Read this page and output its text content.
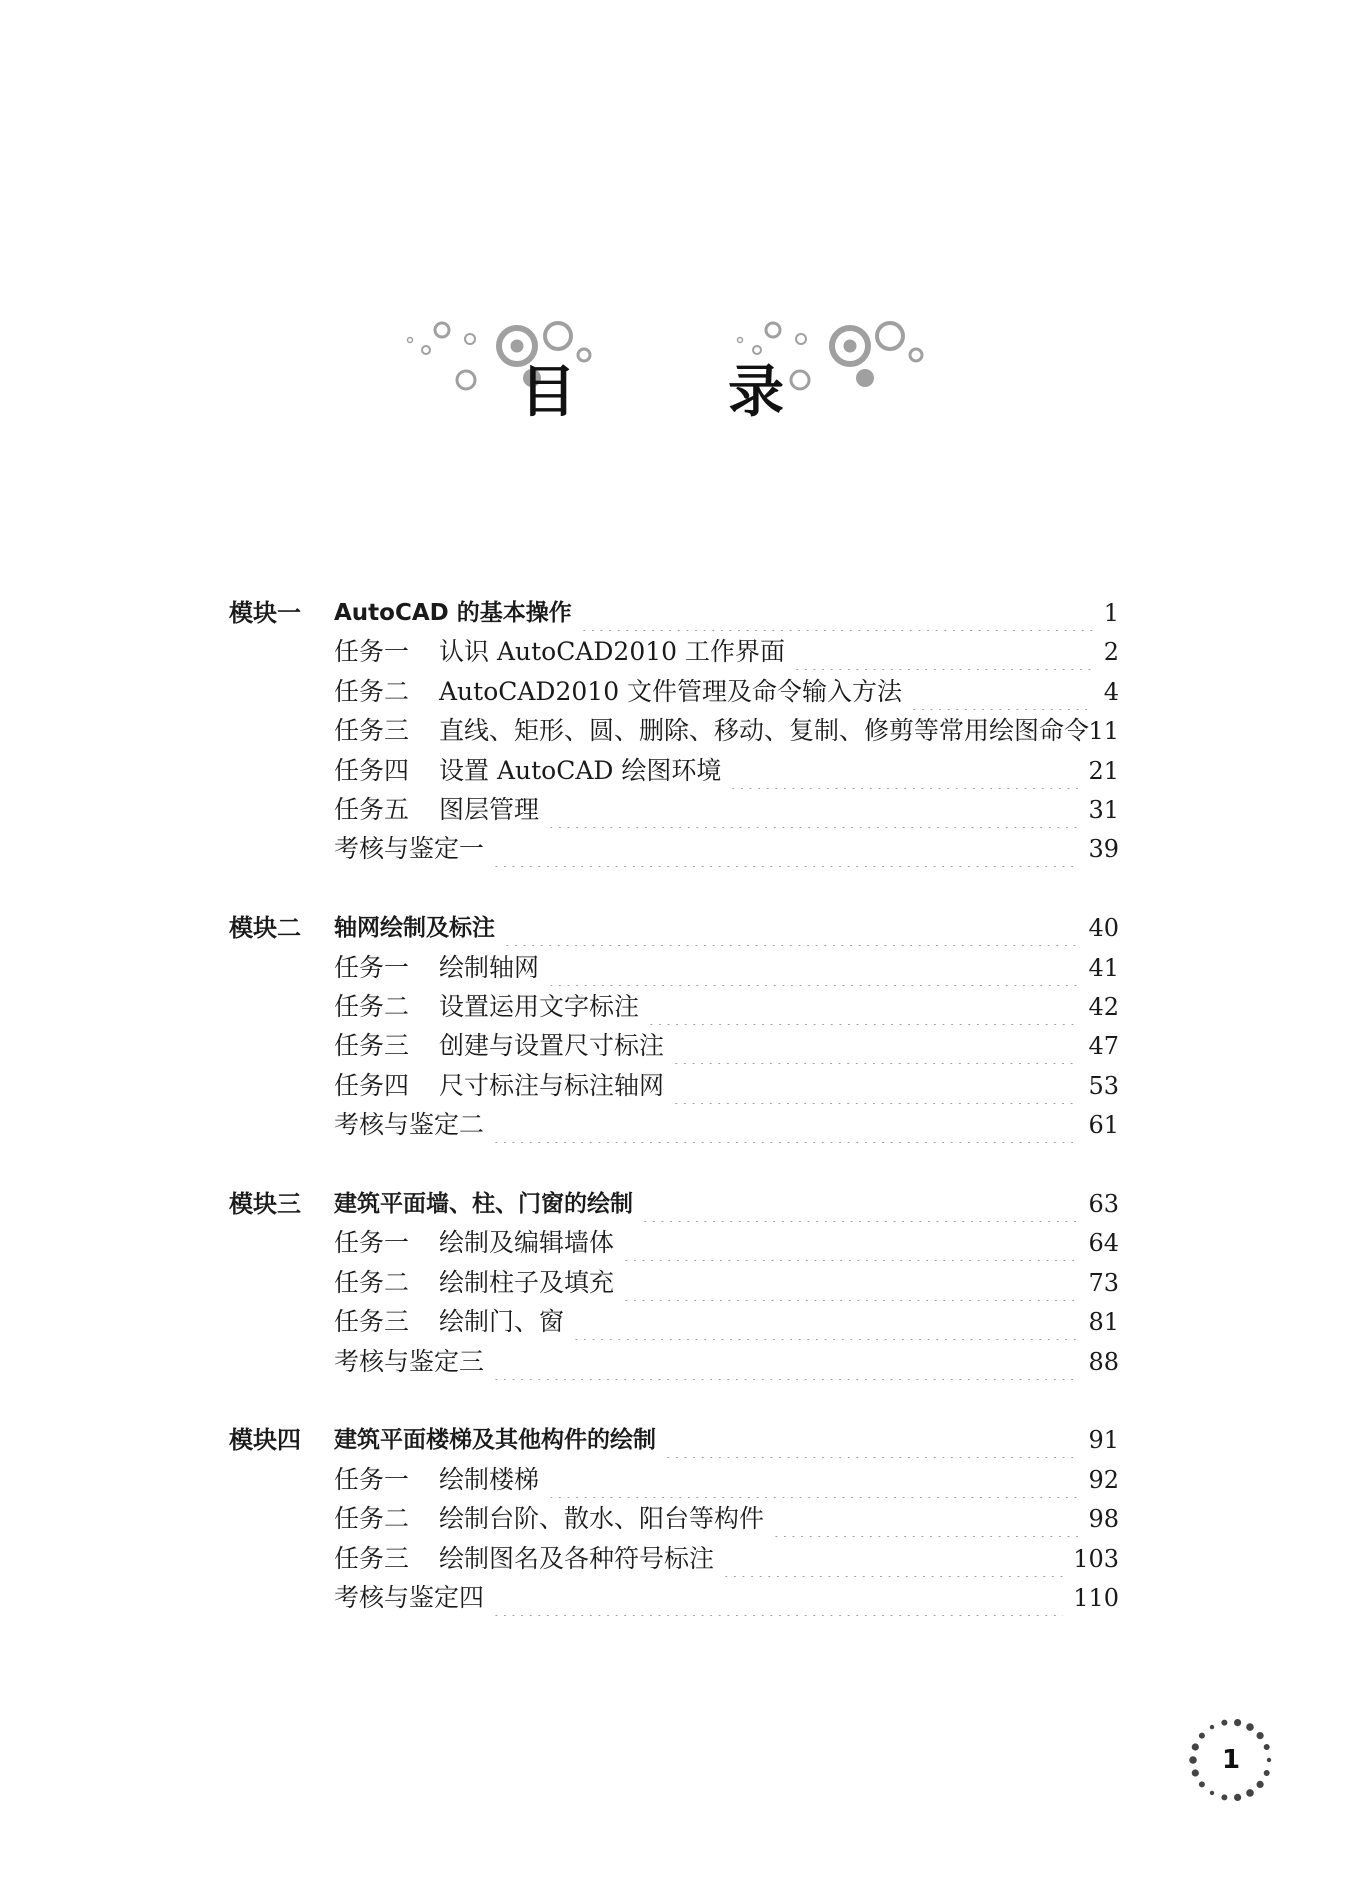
目　录
模块一 AutoCAD 的基本操作	1
任务一 认识 AutoCAD2010 工作界面	2
任务二 AutoCAD2010 文件管理及命令输入方法	4
任务三 直线、矩形、圆、删除、移动、复制、修剪等常用绘图命令 11
任务四 设置 AutoCAD 绘图环境	21
任务五 图层管理	31
考核与鉴定一	39
模块二 轴网绘制及标注	40
任务一 绘制轴网	41
任务二 设置运用文字标注	42
任务三 创建与设置尺寸标注	47
任务四 尺寸标注与标注轴网	53
考核与鉴定二	61
模块三 建筑平面墙、柱、门窗的绘制	63
任务一 绘制及编辑墙体	64
任务二 绘制柱子及填充	73
任务三 绘制门、窗	81
考核与鉴定三	88
模块四 建筑平面楼梯及其他构件的绘制	91
任务一 绘制楼梯	92
任务二 绘制台阶、散水、阳台等构件	98
任务三 绘制图名及各种符号标注	103
考核与鉴定四	110
1
